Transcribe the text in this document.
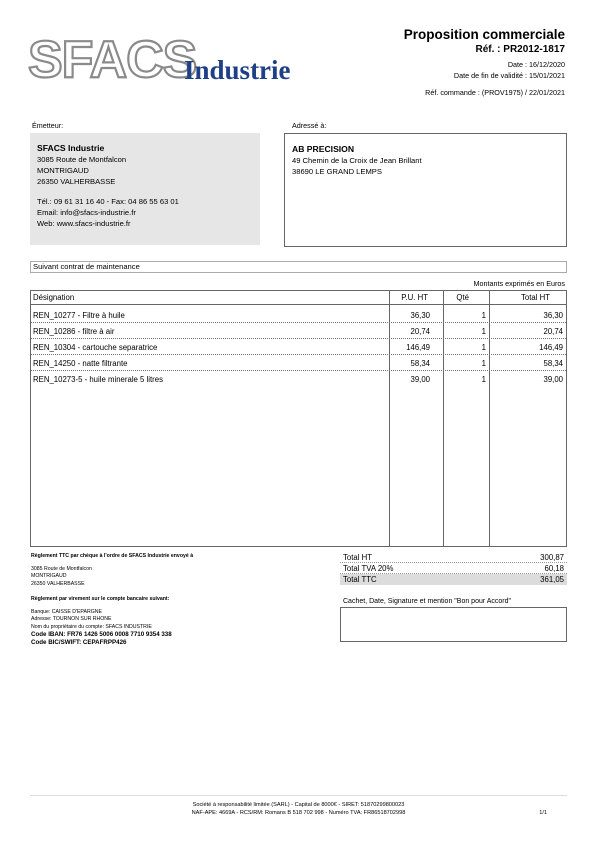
SFACS
Industrie
Proposition commerciale
Réf. : PR2012-1817
Date : 16/12/2020
Date de fin de validité : 15/01/2021
Réf. commande : (PROV1975) / 22/01/2021
Émetteur:
SFACS Industrie
3085 Route de Montfalcon
MONTRIGAUD
26350 VALHERBASSE
Tél.: 09 61 31 16 40 - Fax: 04 86 55 63 01
Email: info@sfacs-industrie.fr
Web: www.sfacs-industrie.fr
Adressé à:
AB PRECISION
49 Chemin de la Croix de Jean Brillant
38690 LE GRAND LEMPS
Suivant contrat de maintenance
Montants exprimés en Euros
Désignation	P.U. HT	Qté	Total HT
REN_10277 - Filtre à huile	36,30	1	36,30
REN_10286 - filtre à air	20,74	1	20,74
REN_10304 - cartouche separatrice	146,49	1	146,49
REN_14250 - natte filtrante	58,34	1	58,34
REN_10273-5 - huile minerale 5 litres	39,00	1	39,00
Règlement TTC par chèque à l'ordre de SFACS Industrie envoyé à
3085 Route de Montfalcon
MONTRIGAUD
26350 VALHERBASSE
Règlement par virement sur le compte bancaire suivant:
Banque: CAISSE D'EPARGNE
Adresse: TOURNON SUR RHONE
Nom du propriétaire du compte: SFACS INDUSTRIE
Code IBAN: FR76 1426 5006 0008 7710 9354 338
Code BIC/SWIFT: CEPAFRPP426
Total HT	300,87
Total TVA 20%	60,18
Total TTC	361,05
Cachet, Date, Signature et mention "Bon pour Accord"
Société à responsabilité limitée (SARL) - Capital de 8000€ - SIRET: 51870299800023
NAF-APE: 4669A - RCS/RM: Romans B 518 702 998 - Numéro TVA: FR86518702998	1/1
